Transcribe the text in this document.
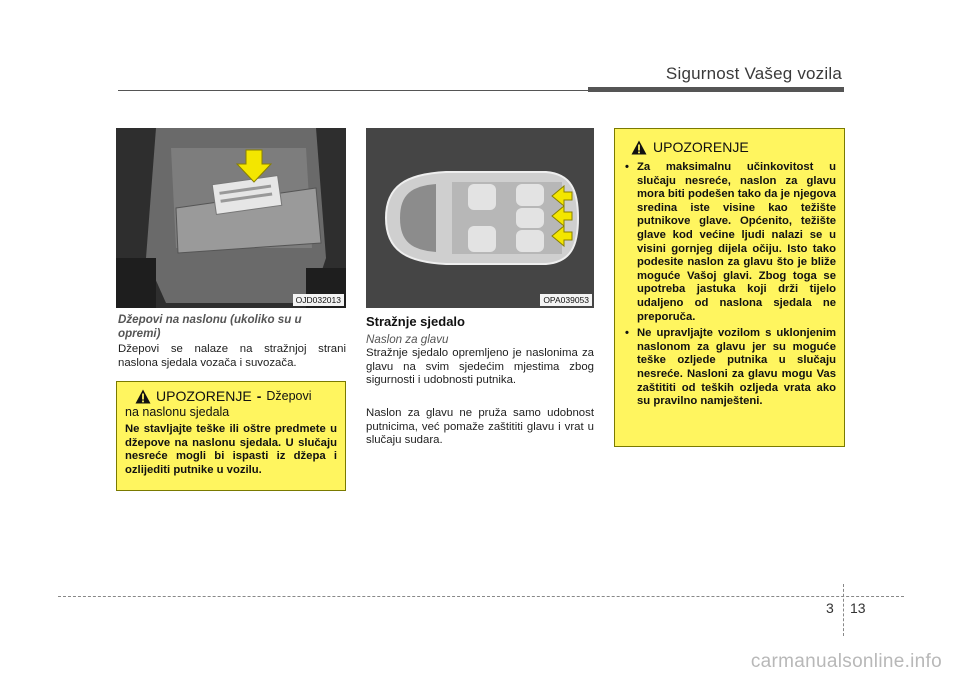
Sigurnost Vašeg vozila
OJD032013
Džepovi na naslonu (ukoliko su u opremi)
Džepovi se nalaze na stražnjoj strani naslona sjedala vozača i suvozača.
UPOZORENJE - Džepovi
na naslonu sjedala
Ne stavljajte teške ili oštre predmete u džepove na naslonu sjedala. U slučaju nesreće mogli bi ispasti iz džepa i ozlijediti putnike u vozilu.
OPA039053
Stražnje sjedalo
Naslon za glavu
Stražnje sjedalo opremljeno je naslonima za glavu na svim sjedećim mjestima zbog sigurnosti i udobnosti putnika.
Naslon za glavu ne pruža samo udobnost putnicima, već pomaže zaštititi glavu i vrat u slučaju sudara.
UPOZORENJE
• Za maksimalnu učinkovitost u slučaju nesreće, naslon za glavu mora biti podešen tako da je njegova sredina iste visine kao težište putnikove glave. Općenito, težište glave kod većine ljudi nalazi se u visini gornjeg dijela očiju. Isto tako podesite naslon za glavu što je bliže moguće Vašoj glavi. Zbog toga se upotreba jastuka koji drži tijelo udaljeno od naslona sjedala ne preporuča.
• Ne upravljajte vozilom s uklonjenim naslonom za glavu jer su moguće teške ozljede putnika u slučaju nesreće. Nasloni za glavu mogu Vas zaštititi od teških ozljeda vrata ako su pravilno namješteni.
3 13
carmanualsonline.info
